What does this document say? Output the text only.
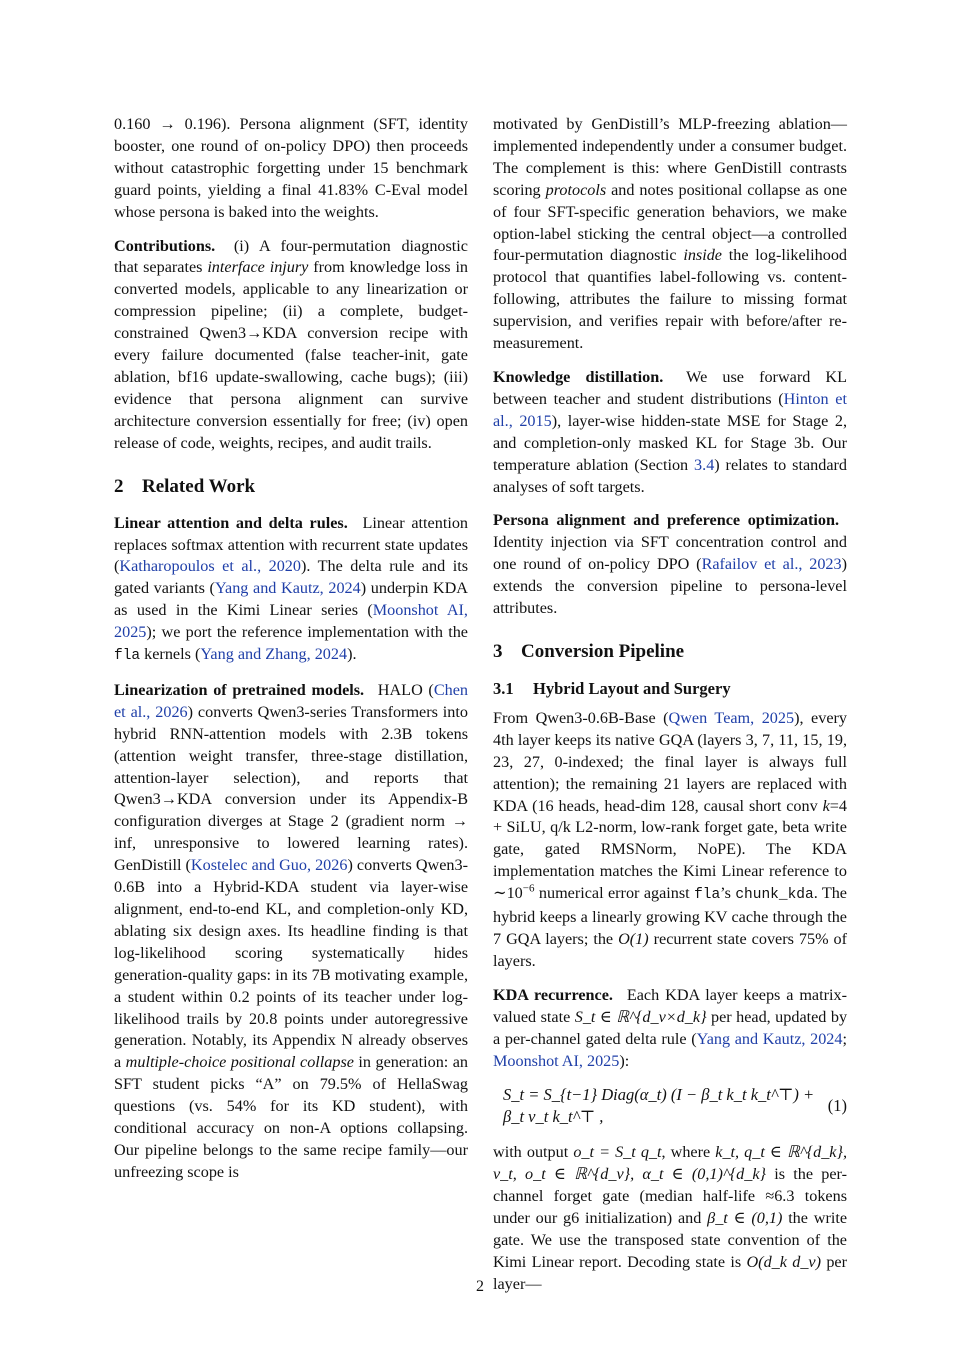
0.160 → 0.196). Persona alignment (SFT, identity booster, one round of on-policy DPO) then proceeds without catastrophic forgetting under 15 benchmark guard points, yielding a final 41.83% C-Eval model whose persona is baked into the weights.

Contributions. (i) A four-permutation diagnostic that separates interface injury from knowledge loss in converted models, applicable to any linearization or compression pipeline; (ii) a complete, budget-constrained Qwen3→KDA conversion recipe with every failure documented (false teacher-init, gate ablation, bf16 update-swallowing, cache bugs); (iii) evidence that persona alignment can survive architecture conversion essentially for free; (iv) open release of code, weights, recipes, and audit trails.

2 Related Work

Linear attention and delta rules. Linear attention replaces softmax attention with recurrent state updates (Katharopoulos et al., 2020). The delta rule and its gated variants (Yang and Kautz, 2024) underpin KDA as used in the Kimi Linear series (Moonshot AI, 2025); we port the reference implementation with the fla kernels (Yang and Zhang, 2024).

Linearization of pretrained models. HALO (Chen et al., 2026) converts Qwen3-series Transformers into hybrid RNN-attention models with 2.3B tokens (attention weight transfer, three-stage distillation, attention-layer selection), and reports that Qwen3→KDA conversion under its Appendix-B configuration diverges at Stage 2 (gradient norm → inf, unresponsive to lowered learning rates). GenDistill (Kostelec and Guo, 2026) converts Qwen3-0.6B into a Hybrid-KDA student via layer-wise alignment, end-to-end KL, and completion-only KD, ablating six design axes. Its headline finding is that log-likelihood scoring systematically hides generation-quality gaps: in its 7B motivating example, a student within 0.2 points of its teacher under log-likelihood trails by 20.8 points under autoregressive generation. Notably, its Appendix N already observes a multiple-choice positional collapse in generation: an SFT student picks “A” on 79.5% of HellaSwag questions (vs. 54% for its KD student), with conditional accuracy on non-A options collapsing. Our pipeline belongs to the same recipe family—our unfreezing scope is

motivated by GenDistill’s MLP-freezing ablation—implemented independently under a consumer budget. The complement is this: where GenDistill contrasts scoring protocols and notes positional collapse as one of four SFT-specific generation behaviors, we make option-label sticking the central object—a controlled four-permutation diagnostic inside the log-likelihood protocol that quantifies label-following vs. content-following, attributes the failure to missing format supervision, and verifies repair with before/after re-measurement.

Knowledge distillation. We use forward KL between teacher and student distributions (Hinton et al., 2015), layer-wise hidden-state MSE for Stage 2, and completion-only masked KL for Stage 3b. Our temperature ablation (Section 3.4) relates to standard analyses of soft targets.

Persona alignment and preference optimization. Identity injection via SFT concentration control and one round of on-policy DPO (Rafailov et al., 2023) extends the conversion pipeline to persona-level attributes.

3 Conversion Pipeline
3.1 Hybrid Layout and Surgery

From Qwen3-0.6B-Base (Qwen Team, 2025), every 4th layer keeps its native GQA (layers 3, 7, 11, 15, 19, 23, 27, 0-indexed; the final layer is always full attention); the remaining 21 layers are replaced with KDA (16 heads, head-dim 128, causal short conv k=4 + SiLU, q/k L2-norm, low-rank forget gate, beta write gate, gated RMSNorm, NoPE). The KDA implementation matches the Kimi Linear reference to $\sim 10^{-6}$ numerical error against fla’s chunk_kda. The hybrid keeps a linearly growing KV cache through the 7 GQA layers; the O(1) recurrent state covers 75% of layers.

KDA recurrence. Each KDA layer keeps a matrix-valued state S_t ∈ ℝ^{d_v×d_k} per head, updated by a per-channel gated delta rule (Yang and Kautz, 2024; Moonshot AI, 2025):

S_t = S_{t−1} Diag(α_t) (I − β_t k_t k_t^⊤) + β_t v_t k_t^⊤ ,
(1)

with output o_t = S_t q_t, where k_t, q_t ∈ ℝ^{d_k}, v_t, o_t ∈ ℝ^{d_v}, α_t ∈ (0,1)^{d_k} is the per-channel forget gate (median half-life ≈6.3 tokens under our g6 initialization) and β_t ∈ (0,1) the write gate. We use the transposed state convention of the Kimi Linear report. Decoding state is O(d_k d_v) per layer—

2
